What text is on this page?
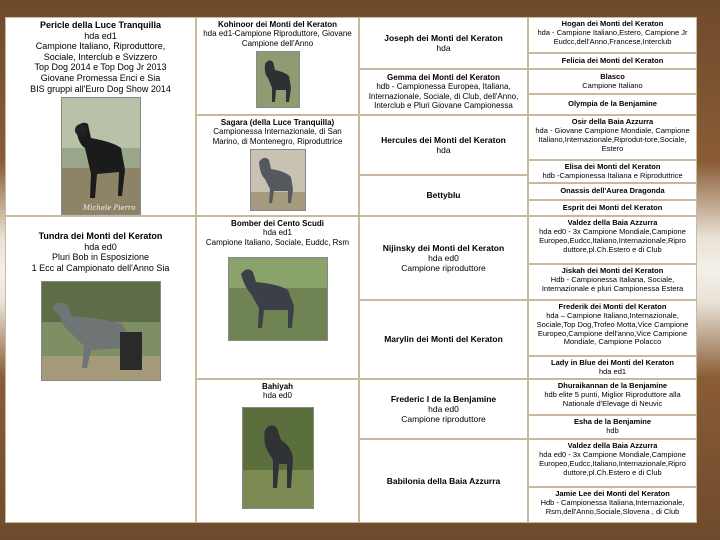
Pericle della Luce Tranquilla
hda ed1
Campione Italiano, Riproduttore,
Sociale, Interclub e Svizzero
Top Dog 2014 e Top Dog Jr 2013
Giovane Promessa Enci e Sia
BIS gruppi all'Euro Dog Show 2014
Michele Pierro
Tundra dei Monti del Keraton
hda ed0
Pluri Bob in Esposizione
1 Ecc al Campionato dell'Anno Sia
Kohinoor dei Monti del Keraton
hda ed1-Campione Riproduttore, Giovane Campione dell'Anno
Sagara (della Luce Tranquilla)
Campionessa Internazionale, di San Marino, di Montenegro, Riproduttrice
Bomber dei Cento Scudi
hda ed1
Campione Italiano, Sociale, Euddc, Rsm
Bahiyah
hda ed0
Joseph dei Monti del Keraton
hda
Gemma dei Monti del Keraton
hdb - Campionessa Europea, Italiana, Internazionale, Sociale, di Club, dell'Anno, Interclub e Pluri Giovane Campionessa
Hercules dei Monti del Keraton
hda
Bettyblu
Nijinsky dei Monti del Keraton
hda ed0
Campione riproduttore
Marylin dei Monti del Keraton
Frederic I de la Benjamine
hda ed0
Campione riproduttore
Babilonia della Baia Azzurra
Hogan dei Monti del Keraton
hda - Campione Italiano,Estero, Campione Jr Eudcc,dell'Anno,Francese,Interclub
Felicia dei Monti del Keraton
Blasco
Campione Italiano
Olympia de la Benjamine
Osir della Baia Azzurra
hda - Giovane Campione Mondiale, Campione Italiano,Internazionale,Riprodut-tore,Sociale, Estero
Elisa dei Monti del Keraton
hdb -Campionessa Italiana e Riproduttrice
Onassis dell'Aurea Dragonda
Esprit dei Monti del Keraton
Valdez della Baia Azzurra
hda ed0 - 3x Campione Mondiale,Campione Europeo,Eudcc,Italiano,Internazionale,Ripro duttore,pl.Ch.Estero e di Club
Jiskah dei Monti del Keraton
Hdb - Campionessa Italiana, Sociale, Internazionale e pluri Campionessa Estera
Frederik dei Monti del Keraton
hda – Campione Italiano,Internazionale, Sociale,Top Dog,Trofeo Motta,Vice Campione Europeo,Campione dell'anno,Vice Campione Mondiale, Campione Polacco
Lady in Blue dei Monti del Keraton
hda ed1
Dhuraikannan de la Benjamine
hdb elite 5 punti, Miglior Riproduttore alla Nationale d'Elevage di Neuvic
Esha de la Benjamine
hdb
Valdez della Baia Azzurra
hda ed0 - 3x Campione Mondiale,Campione Europeo,Eudcc,Italiano,Internazionale,Ripro duttore,pl.Ch.Estero e di Club
Jamie Lee dei Monti del Keraton
Hdb - Campionessa Italiana,Internazionale, Rsm,dell'Anno,Sociale,Slovena , di Club
